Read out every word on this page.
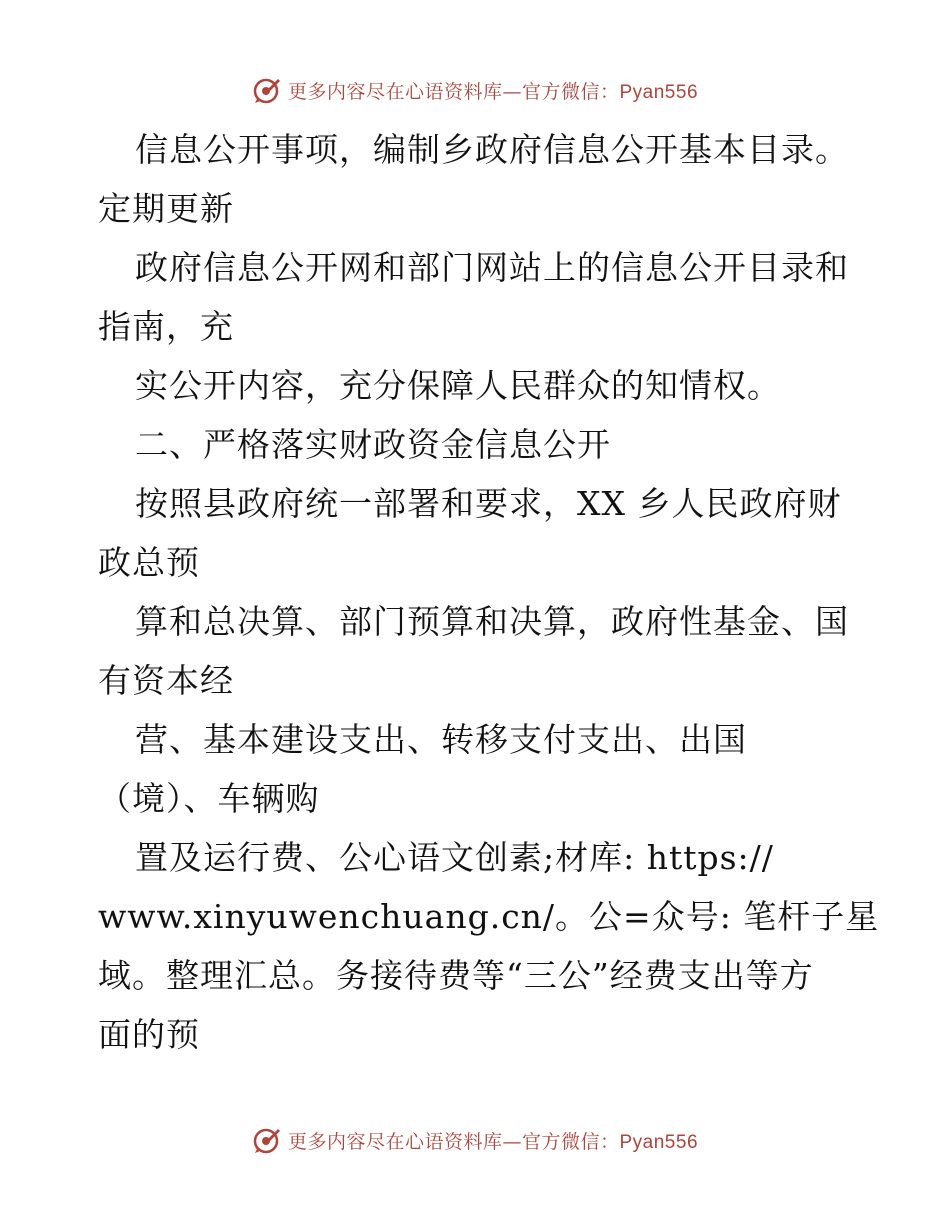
更多内容尽在心语资料库—官方微信：Pyan556
信息公开事项，编制乡政府信息公开基本目录。
定期更新
政府信息公开网和部门网站上的信息公开目录和
指南，充
实公开内容，充分保障人民群众的知情权。
二、严格落实财政资金信息公开
按照县政府统一部署和要求，XX 乡人民政府财
政总预
算和总决算、部门预算和决算，政府性基金、国
有资本经
营、基本建设支出、转移支付支出、出国
（境）、车辆购
置及运行费、公心语文创素;材库: https://
www.xinyuwenchuang.cn/。公=众号: 笔杆子星
域。整理汇总。务接待费等“三公”经费支出等方
面的预
更多内容尽在心语资料库—官方微信：Pyan556
